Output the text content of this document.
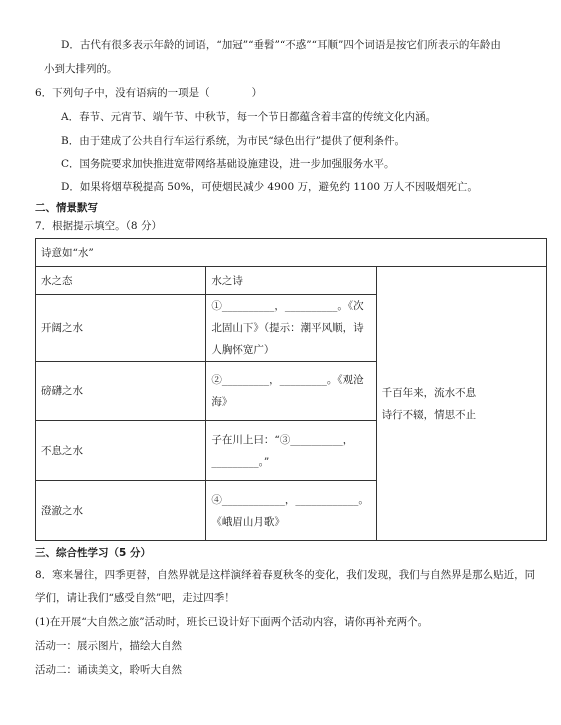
D．古代有很多表示年龄的词语，“加冠”“垂髫”“不惑”“耳顺”四个词语是按它们所表示的年龄由
小到大排列的。
6．下列句子中，没有语病的一项是（　　　　）
A．春节、元宵节、端午节、中秋节，每一个节日都蕴含着丰富的传统文化内涵。
B．由于建成了公共自行车运行系统，为市民“绿色出行”提供了便利条件。
C．国务院要求加快推进宽带网络基础设施建设，进一步加强服务水平。
D．如果将烟草税提高 50%，可使烟民减少 4900 万，避免约 1100 万人不因吸烟死亡。
二、情景默写
7．根据提示填空。（8 分）
诗意如“水”		
水之态	水之诗	千百年来，流水不息
诗行不辍，情思不止

开阔之水	①__________，__________。《次北固山下》（提示：潮平风顺，诗人胸怀宽广）	
磅礴之水	②_________，_________。《观沧海》	
不息之水	子在川上曰：“③__________，_________。”	
澄澈之水	④____________，____________。《峨眉山月歌》	
三、综合性学习（5 分）
8．寒来暑往，四季更替，自然界就是这样演绎着春夏秋冬的变化，我们发现，我们与自然界是那么贴近，同
学们，请让我们“感受自然”吧，走过四季！
(1)在开展“大自然之旅”活动时，班长已设计好下面两个活动内容，请你再补充两个。
活动一：展示图片，描绘大自然
活动二：诵读美文，聆听大自然
